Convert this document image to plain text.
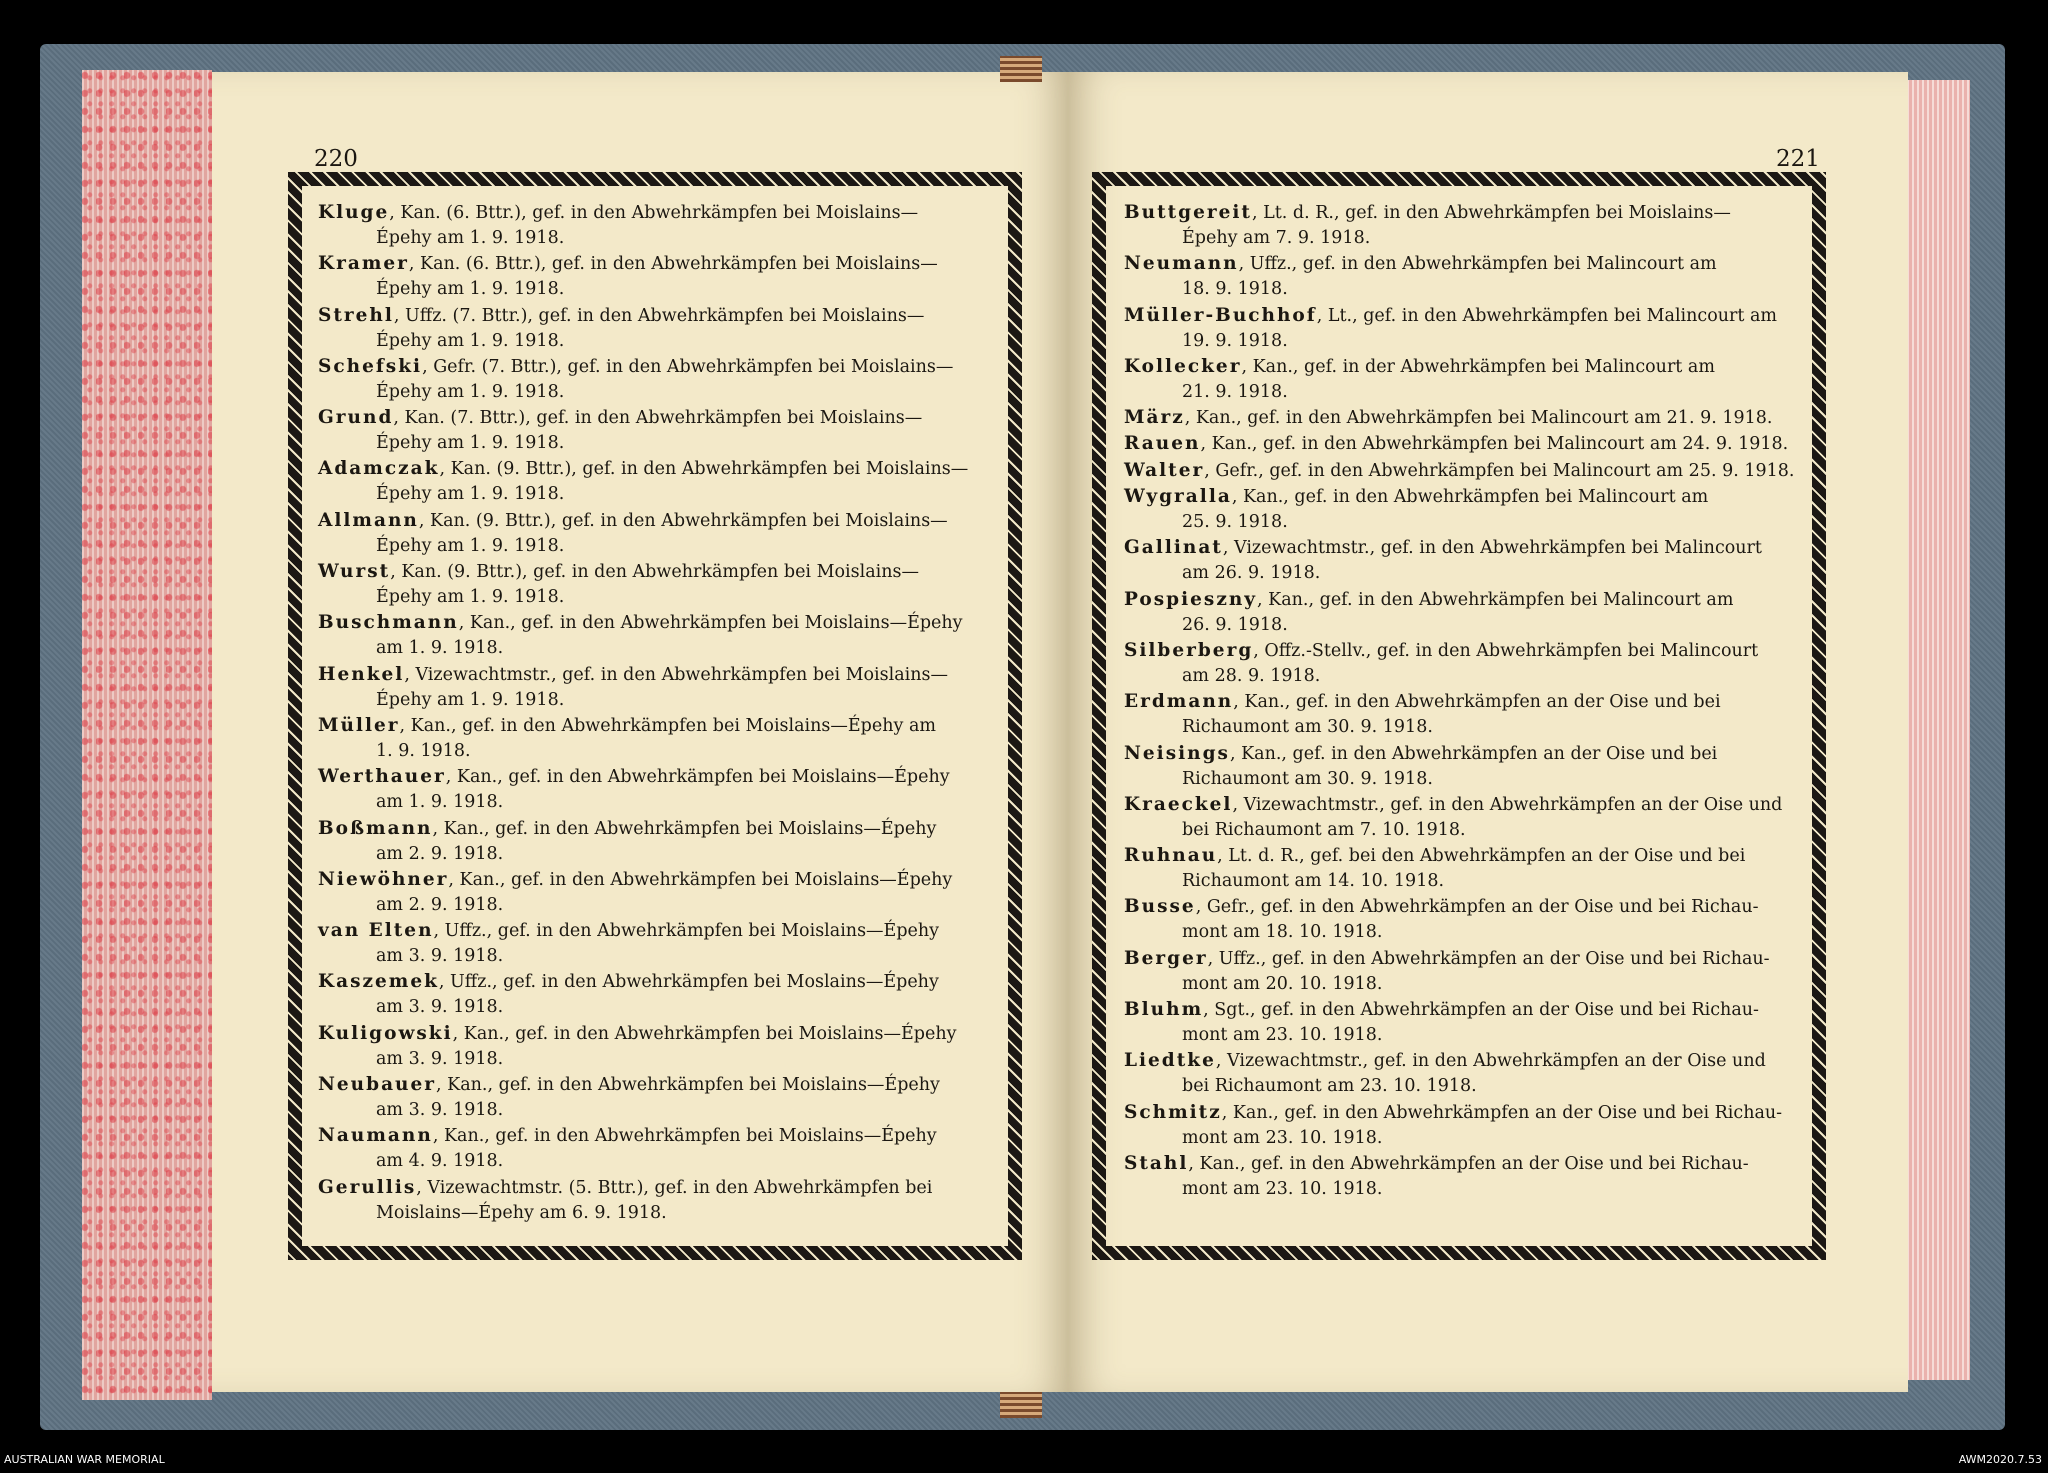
220	221
Kluge, Kan. (6. Bttr.), gef. in den Abwehrkämpfen bei Moislains—
Épehy am 1. 9. 1918.
Kramer, Kan. (6. Bttr.), gef. in den Abwehrkämpfen bei Moislains—
Épehy am 1. 9. 1918.
Strehl, Uffz. (7. Bttr.), gef. in den Abwehrkämpfen bei Moislains—
Épehy am 1. 9. 1918.
Schefski, Gefr. (7. Bttr.), gef. in den Abwehrkämpfen bei Moislains—
Épehy am 1. 9. 1918.
Grund, Kan. (7. Bttr.), gef. in den Abwehrkämpfen bei Moislains—
Épehy am 1. 9. 1918.
Adamczak, Kan. (9. Bttr.), gef. in den Abwehrkämpfen bei Moislains—
Épehy am 1. 9. 1918.
Allmann, Kan. (9. Bttr.), gef. in den Abwehrkämpfen bei Moislains—
Épehy am 1. 9. 1918.
Wurst, Kan. (9. Bttr.), gef. in den Abwehrkämpfen bei Moislains—
Épehy am 1. 9. 1918.
Buschmann, Kan., gef. in den Abwehrkämpfen bei Moislains—Épehy
am 1. 9. 1918.
Henkel, Vizewachtmstr., gef. in den Abwehrkämpfen bei Moislains—
Épehy am 1. 9. 1918.
Müller, Kan., gef. in den Abwehrkämpfen bei Moislains—Épehy am
1. 9. 1918.
Werthauer, Kan., gef. in den Abwehrkämpfen bei Moislains—Épehy
am 1. 9. 1918.
Boßmann, Kan., gef. in den Abwehrkämpfen bei Moislains—Épehy
am 2. 9. 1918.
Niewöhner, Kan., gef. in den Abwehrkämpfen bei Moislains—Épehy
am 2. 9. 1918.
van Elten, Uffz., gef. in den Abwehrkämpfen bei Moislains—Épehy
am 3. 9. 1918.
Kaszemek, Uffz., gef. in den Abwehrkämpfen bei Moslains—Épehy
am 3. 9. 1918.
Kuligowski, Kan., gef. in den Abwehrkämpfen bei Moislains—Épehy
am 3. 9. 1918.
Neubauer, Kan., gef. in den Abwehrkämpfen bei Moislains—Épehy
am 3. 9. 1918.
Naumann, Kan., gef. in den Abwehrkämpfen bei Moislains—Épehy
am 4. 9. 1918.
Gerullis, Vizewachtmstr. (5. Bttr.), gef. in den Abwehrkämpfen bei
Moislains—Épehy am 6. 9. 1918.
Buttgereit, Lt. d. R., gef. in den Abwehrkämpfen bei Moislains—
Épehy am 7. 9. 1918.
Neumann, Uffz., gef. in den Abwehrkämpfen bei Malincourt am
18. 9. 1918.
Müller-Buchhof, Lt., gef. in den Abwehrkämpfen bei Malincourt am
19. 9. 1918.
Kollecker, Kan., gef. in der Abwehrkämpfen bei Malincourt am
21. 9. 1918.
März, Kan., gef. in den Abwehrkämpfen bei Malincourt am 21. 9. 1918.
Rauen, Kan., gef. in den Abwehrkämpfen bei Malincourt am 24. 9. 1918.
Walter, Gefr., gef. in den Abwehrkämpfen bei Malincourt am 25. 9. 1918.
Wygralla, Kan., gef. in den Abwehrkämpfen bei Malincourt am
25. 9. 1918.
Gallinat, Vizewachtmstr., gef. in den Abwehrkämpfen bei Malincourt
am 26. 9. 1918.
Pospieszny, Kan., gef. in den Abwehrkämpfen bei Malincourt am
26. 9. 1918.
Silberberg, Offz.-Stellv., gef. in den Abwehrkämpfen bei Malincourt
am 28. 9. 1918.
Erdmann, Kan., gef. in den Abwehrkämpfen an der Oise und bei
Richaumont am 30. 9. 1918.
Neisings, Kan., gef. in den Abwehrkämpfen an der Oise und bei
Richaumont am 30. 9. 1918.
Kraeckel, Vizewachtmstr., gef. in den Abwehrkämpfen an der Oise und
bei Richaumont am 7. 10. 1918.
Ruhnau, Lt. d. R., gef. bei den Abwehrkämpfen an der Oise und bei
Richaumont am 14. 10. 1918.
Busse, Gefr., gef. in den Abwehrkämpfen an der Oise und bei Richau-
mont am 18. 10. 1918.
Berger, Uffz., gef. in den Abwehrkämpfen an der Oise und bei Richau-
mont am 20. 10. 1918.
Bluhm, Sgt., gef. in den Abwehrkämpfen an der Oise und bei Richau-
mont am 23. 10. 1918.
Liedtke, Vizewachtmstr., gef. in den Abwehrkämpfen an der Oise und
bei Richaumont am 23. 10. 1918.
Schmitz, Kan., gef. in den Abwehrkämpfen an der Oise und bei Richau-
mont am 23. 10. 1918.
Stahl, Kan., gef. in den Abwehrkämpfen an der Oise und bei Richau-
mont am 23. 10. 1918.
AUSTRALIAN WAR MEMORIAL	AWM2020.7.53
